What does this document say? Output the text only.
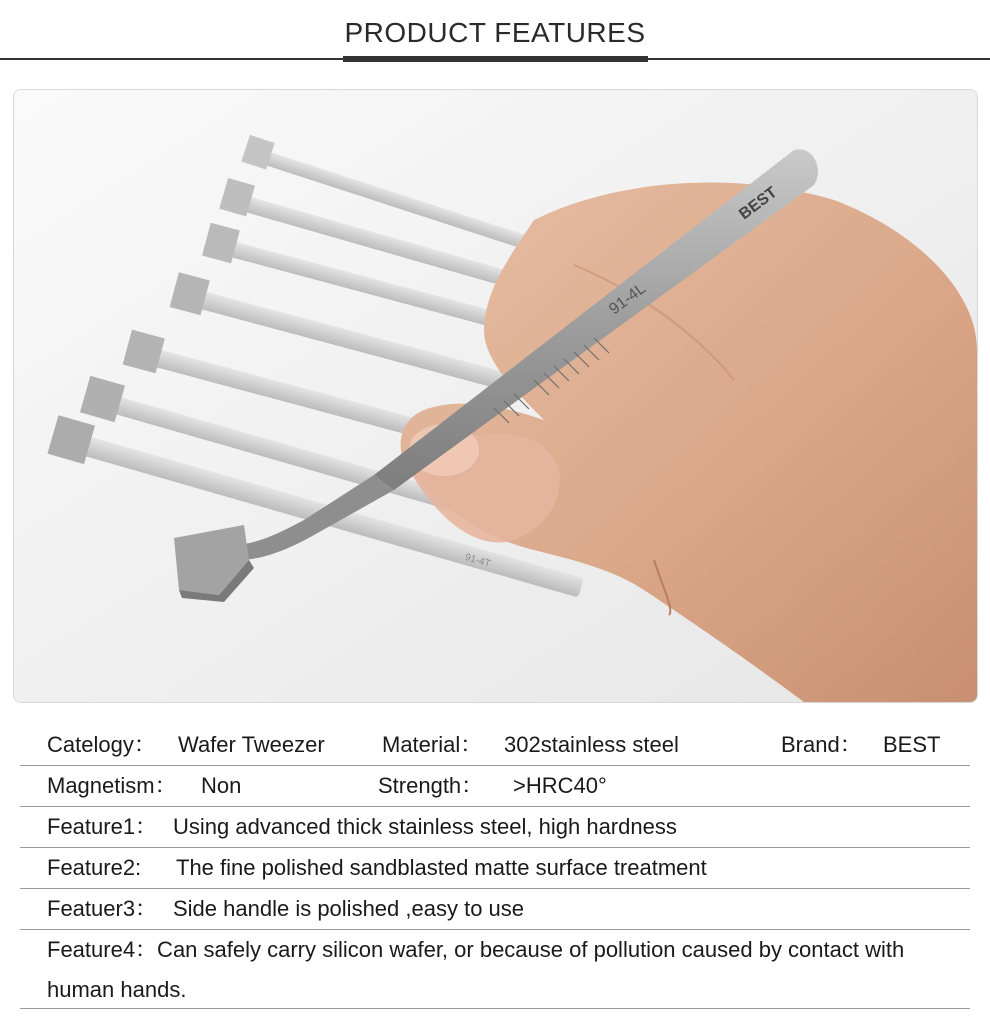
PRODUCT FEATURES
91-4T
91-4L
BEST
Catelogy： Wafer Tweezer	Material： 302stainless steel	Brand： BEST
Magnetism： Non	Strength： >HRC40°
Feature1： Using advanced thick stainless steel, high hardness
Feature2: The fine polished sandblasted matte surface treatment
Featuer3： Side handle is polished ,easy to use
Feature4：Can safely carry silicon wafer, or because of pollution caused by contact with human hands.
